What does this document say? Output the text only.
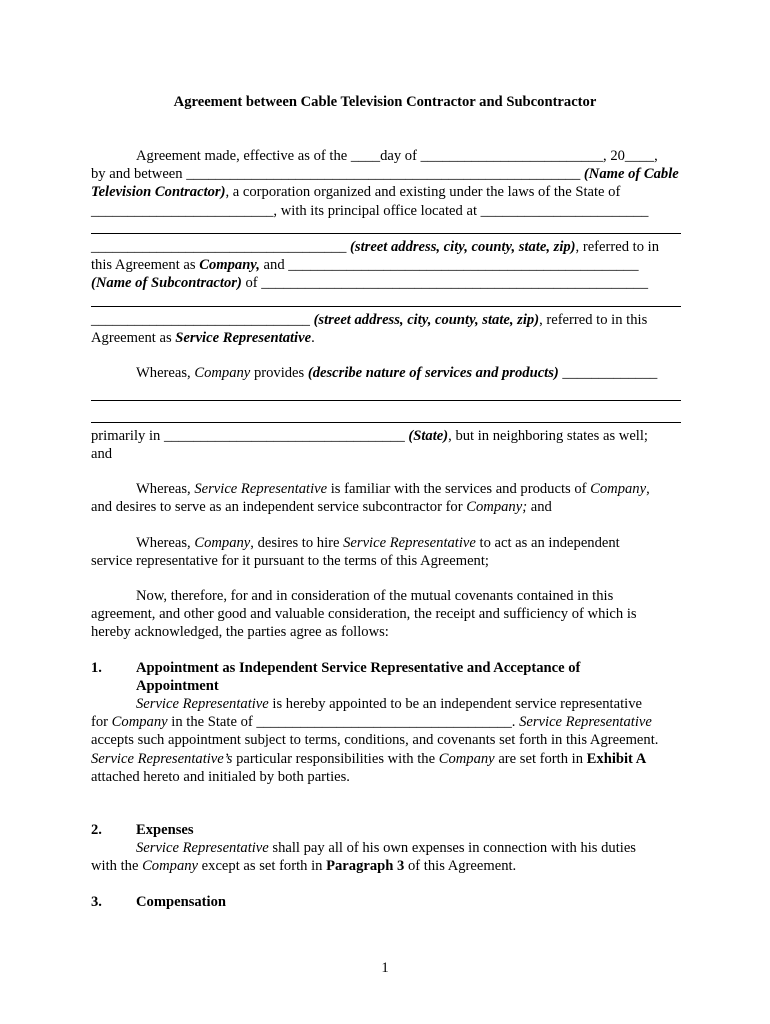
Agreement between Cable Television Contractor and Subcontractor

Agreement made, effective as of the ____day of _________________________, 20____,
by and between ______________________________________________________ (Name of Cable
Television Contractor), a corporation organized and existing under the laws of the State of
_________________________, with its principal office located at _______________________

___________________________________ (street address, city, county, state, zip), referred to in
this Agreement as Company, and ________________________________________________
(Name of Subcontractor) of _____________________________________________________

______________________________ (street address, city, county, state, zip), referred to in this
Agreement as Service Representative.

Whereas, Company provides (describe nature of services and products) _____________

primarily in _________________________________ (State), but in neighboring states as well;
and

Whereas, Service Representative is familiar with the services and products of Company,
and desires to serve as an independent service subcontractor for Company; and

Whereas, Company, desires to hire Service Representative to act as an independent
service representative for it pursuant to the terms of this Agreement;

Now, therefore, for and in consideration of the mutual covenants contained in this
agreement, and other good and valuable consideration, the receipt and sufficiency of which is
hereby acknowledged, the parties agree as follows:

1. Appointment as Independent Service Representative and Acceptance of
Appointment

Service Representative is hereby appointed to be an independent service representative
for Company in the State of ___________________________________. Service Representative
accepts such appointment subject to terms, conditions, and covenants set forth in this Agreement.
Service Representative’s particular responsibilities with the Company are set forth in Exhibit A
attached hereto and initialed by both parties.

2. Expenses

Service Representative shall pay all of his own expenses in connection with his duties
with the Company except as set forth in Paragraph 3 of this Agreement.

3. Compensation
1
